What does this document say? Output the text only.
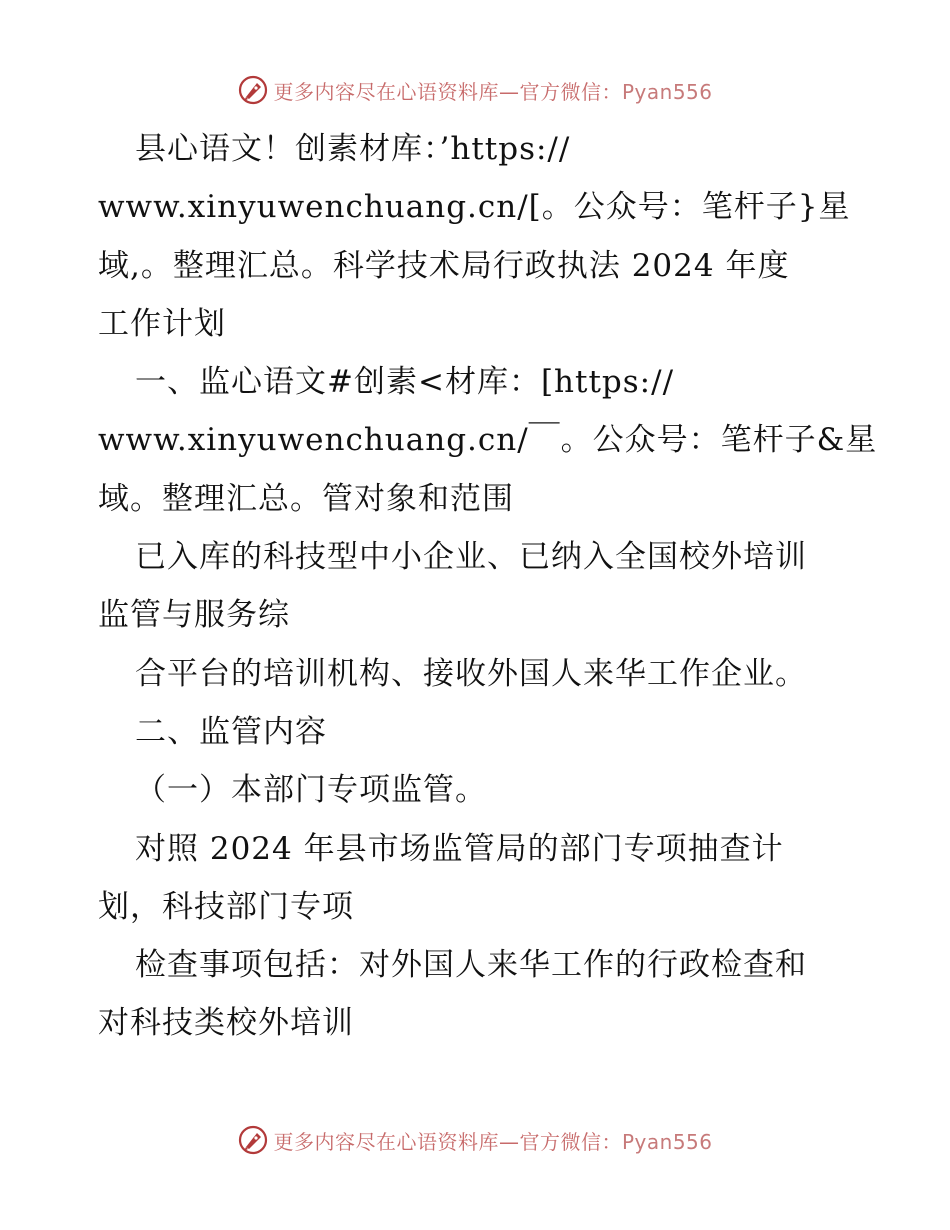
更多内容尽在心语资料库—官方微信：Pyan556
县心语文！创素材库：’https://
www.xinyuwenchuang.cn/[。公众号：笔杆子}星
域,。整理汇总。科学技术局行政执法 2024 年度
工作计划
一、监心语文#创素<材库：[https://
www.xinyuwenchuang.cn/￣。公众号：笔杆子&星
域。整理汇总。管对象和范围
已入库的科技型中小企业、已纳入全国校外培训
监管与服务综
合平台的培训机构、接收外国人来华工作企业。
二、监管内容
（一）本部门专项监管。
对照 2024 年县市场监管局的部门专项抽查计
划，科技部门专项
检查事项包括：对外国人来华工作的行政检查和
对科技类校外培训
更多内容尽在心语资料库—官方微信：Pyan556
